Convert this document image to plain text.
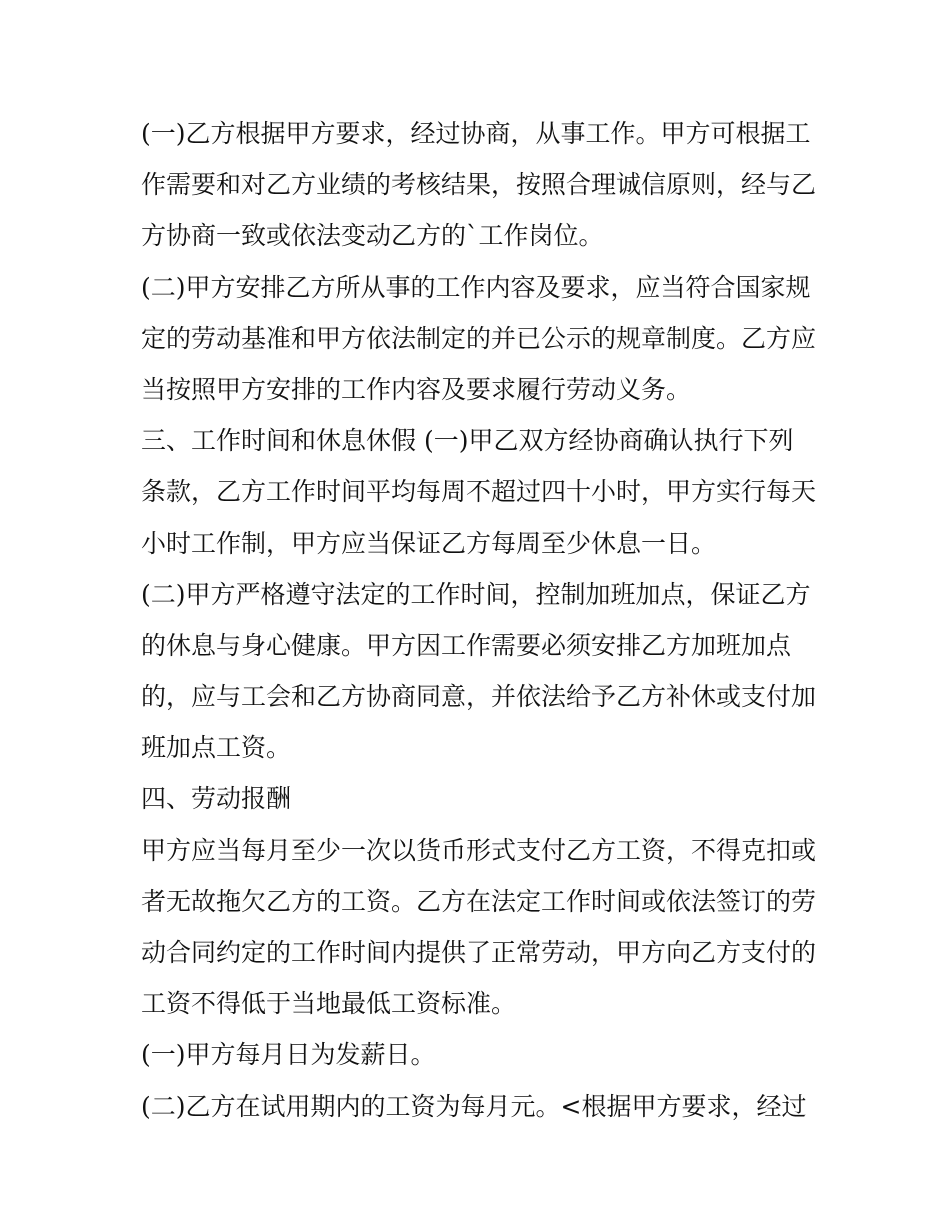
(一)乙方根据甲方要求，经过协商，从事工作。甲方可根据工

作需要和对乙方业绩的考核结果，按照合理诚信原则，经与乙

方协商一致或依法变动乙方的`工作岗位。

(二)甲方安排乙方所从事的工作内容及要求，应当符合国家规

定的劳动基准和甲方依法制定的并已公示的规章制度。乙方应

当按照甲方安排的工作内容及要求履行劳动义务。

三、工作时间和休息休假 (一)甲乙双方经协商确认执行下列

条款，乙方工作时间平均每周不超过四十小时，甲方实行每天

小时工作制，甲方应当保证乙方每周至少休息一日。

(二)甲方严格遵守法定的工作时间，控制加班加点，保证乙方

的休息与身心健康。甲方因工作需要必须安排乙方加班加点

的，应与工会和乙方协商同意，并依法给予乙方补休或支付加

班加点工资。

四、劳动报酬

甲方应当每月至少一次以货币形式支付乙方工资，不得克扣或

者无故拖欠乙方的工资。乙方在法定工作时间或依法签订的劳

动合同约定的工作时间内提供了正常劳动，甲方向乙方支付的

工资不得低于当地最低工资标准。

(一)甲方每月日为发薪日。

(二)乙方在试用期内的工资为每月元。<根据甲方要求，经过
